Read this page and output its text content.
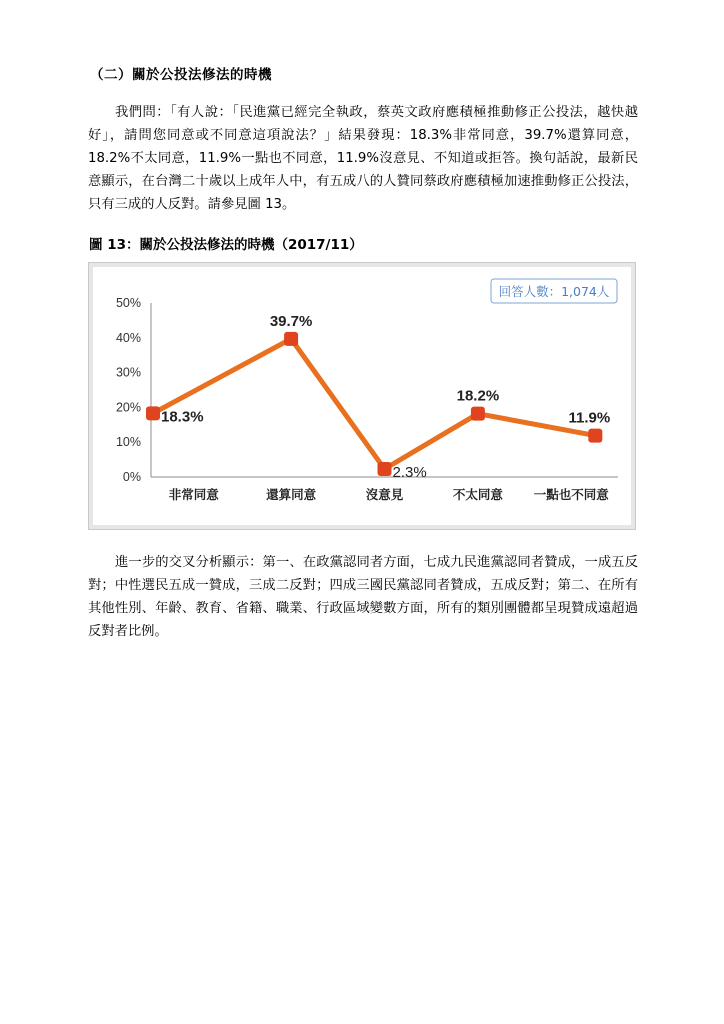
（二）關於公投法修法的時機
我們問：「有人說：「民進黨已經完全執政，蔡英文政府應積極推動修正公投法，越快越好」，請問您同意或不同意這項說法？」結果發現：18.3%非常同意，39.7%還算同意，18.2%不太同意，11.9%一點也不同意，11.9%沒意見、不知道或拒答。換句話說，最新民意顯示，在台灣二十歲以上成年人中，有五成八的人贊同蔡政府應積極加速推動修正公投法，只有三成的人反對。請參見圖 13。
圖 13：關於公投法修法的時機（2017/11）
0%
10%
20%
30%
40%
50%
非常同意	還算同意	沒意見	不太同意 一點也不同意
18.3%
39.7%
2.3%
18.2%
11.9%
回答人數：1,074人
進一步的交叉分析顯示：第一、在政黨認同者方面，七成九民進黨認同者贊成，一成五反對；中性選民五成一贊成，三成二反對；四成三國民黨認同者贊成，五成反對；第二、在所有其他性別、年齡、教育、省籍、職業、行政區域變數方面，所有的類別團體都呈現贊成遠超過反對者比例。
